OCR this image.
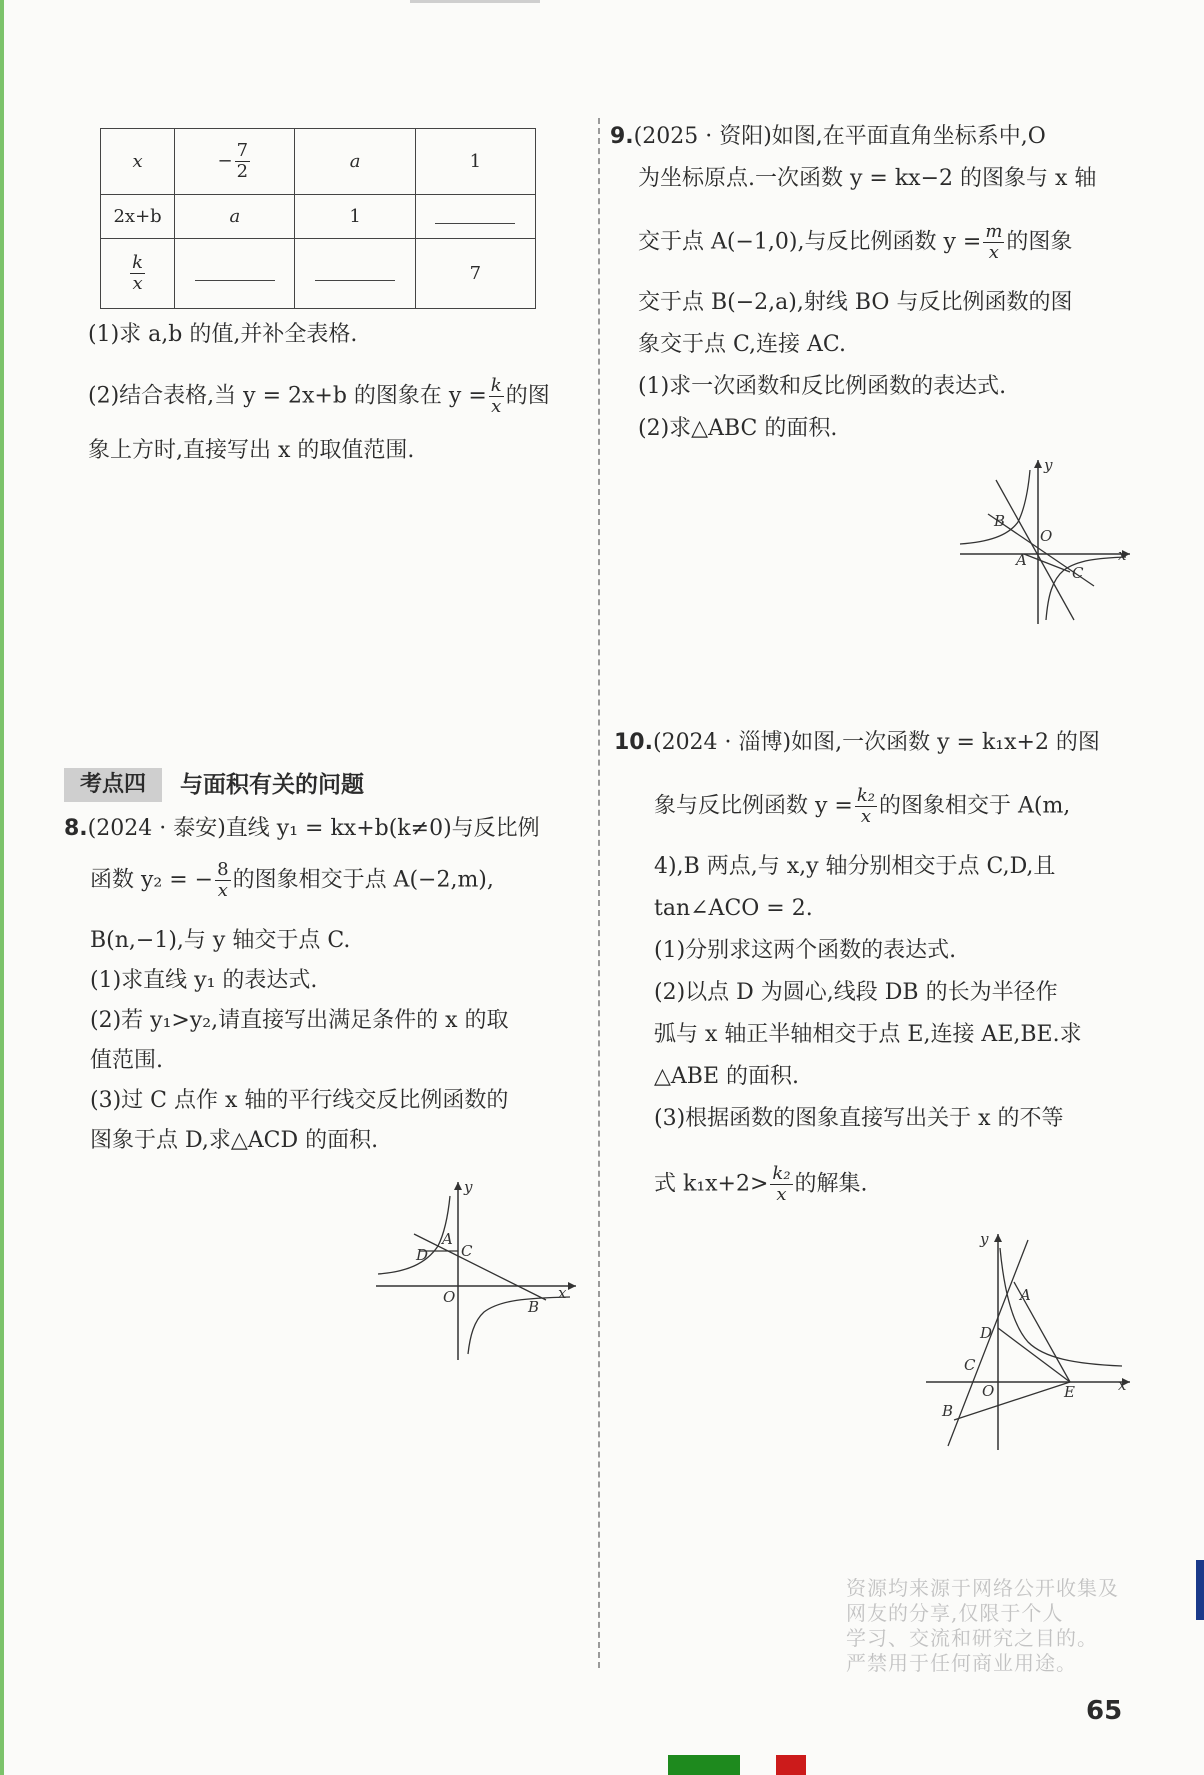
x	− $\frac{7}{2}$	a	1
2x+b	a	1	

$\frac{k}{x}$			7
(1)求 a,b 的值,并补全表格.
(2)结合表格,当 y = 2x+b 的图象在 $y = \frac{k}{x}$ 的图
象上方时,直接写出 x 的取值范围.
考点四	与面积有关的问题
8.(2024 · 泰安)直线 y₁ = kx+b(k≠0)与反比例
函数 y₂ = − $\frac{8}{x}$ 的图象相交于点 A(−2,m),
B(n,−1),与 y 轴交于点 C.
(1)求直线 y₁ 的表达式.
(2)若 y₁>y₂,请直接写出满足条件的 x 的取
值范围.
(3)过 C 点作 x 轴的平行线交反比例函数的
图象于点 D,求△ACD 的面积.
x
y
O
A
C
D
B
9.(2025 · 资阳)如图,在平面直角坐标系中,O
为坐标原点.一次函数 y = kx−2 的图象与 x 轴
交于点 A(−1,0),与反比例函数 $y = \frac{m}{x}$ 的图象
交于点 B(−2,a),射线 BO 与反比例函数的图
象交于点 C,连接 AC.
(1)求一次函数和反比例函数的表达式.
(2)求△ABC 的面积.
x
y
O
B
A
C
10.(2024 · 淄博)如图,一次函数 y = k₁x+2 的图
象与反比例函数 $y = \frac{\text{k₂}}{x}$ 的图象相交于 A(m,
4),B 两点,与 x,y 轴分别相交于点 C,D,且
tan∠ACO = 2.
(1)分别求这两个函数的表达式.
(2)以点 D 为圆心,线段 DB 的长为半径作
弧与 x 轴正半轴相交于点 E,连接 AE,BE.求
△ABE 的面积.
(3)根据函数的图象直接写出关于 x 的不等
式 $k_1x+2> \frac{\text{k₂}}{x}$ 的解集.
x
y
O
A
D
C
E
B
资源均来源于网络公开收集及
网友的分享,仅限于个人
学习、交流和研究之目的。
严禁用于任何商业用途。
65
